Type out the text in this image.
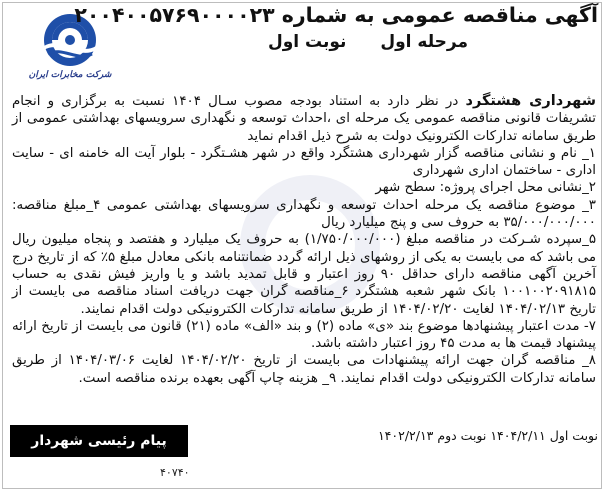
شرکت مخابرات ایران
آگهی مناقصه عمومی به شماره ۲۰۰۴۰۰۵۷۶۹۰۰۰۰۲۳
مرحله اول نوبت اول

شهرداری هشتگرد در نظر دارد به استناد بودجه مصوب سـال ۱۴۰۴ نسبت به برگزاری و انجام تشریفات قانونی مناقصه عمومی یک مرحله ای ،احداث توسعه و نگهداری سرویسهای بهداشتی عمومی از طریق سامانه تدارکات الکترونیک دولت به شرح ذیل اقدام نماید

۱_ نام و نشانی مناقصه گزار شهرداری هشتگرد واقع در شهر هشـتگرد - بلوار آیت اله خامنه ای - سایت اداری - ساختمان اداری شهرداری

۲_نشانی محل اجرای پروژه: سطح شهر

۳_ موضوع مناقصه یک مرحله احداث توسعه و نگهداری سرویسهای بهداشتی عمومی ۴_مبلغ مناقصه: ۳۵/۰۰۰/۰۰۰/۰۰۰ به حروف سی و پنج میلیارد ریال

۵_سپرده شـرکت در مناقصه مبلغ (۱/۷۵۰/۰۰۰/۰۰۰) به حروف یک میلیارد و هفتصد و پنجاه میلیون ریال می باشد که می بایست به یکی از روشهای ذیل ارائه گردد ضمانتنامه بانکی معادل مبلغ ۵٪ که از تاریخ درج آخرین آگهی مناقصه دارای حداقل ۹۰ روز اعتبار و قابل تمدید باشد و یا واریز فیش نقدی به حساب ۱۰۰۱۰۰۲۰۹۱۸۱۵ بانک شهر شعبه هشتگرد ۶_مناقصه گران جهت دریافت اسناد مناقصه می بایست از تاریخ ۱۴۰۴/۰۲/۱۳ لغایت ۱۴۰۴/۰۲/۲۰ از طریق سامانه تدارکات الکترونیکی دولت اقدام نمایند.

۷- مدت اعتبار پیشنهادها موضوع بند «ی» ماده (۲) و بند «الف» ماده (۲۱) قانون می بایست از تاریخ ارائه پیشنهاد قیمت ها به مدت ۴۵ روز اعتبار داشته باشد.

۸_ مناقصه گران جهت ارائه پیشنهادات می بایست از تاریخ ۱۴۰۴/۰۲/۲۰ لغایت ۱۴۰۴/۰۳/۰۶ از طریق سامانه تدارکات الکترونیکی دولت اقدام نمایند. ۹_ هزینه چاپ آگهی بعهده برنده مناقصه است.

پیام رئیسی شهردار هشتگرد
نوبت اول ۱۴۰۴/۲/۱۱ نوبت دوم ۱۴۰۲/۲/۱۳
۴۰۷۴۰
